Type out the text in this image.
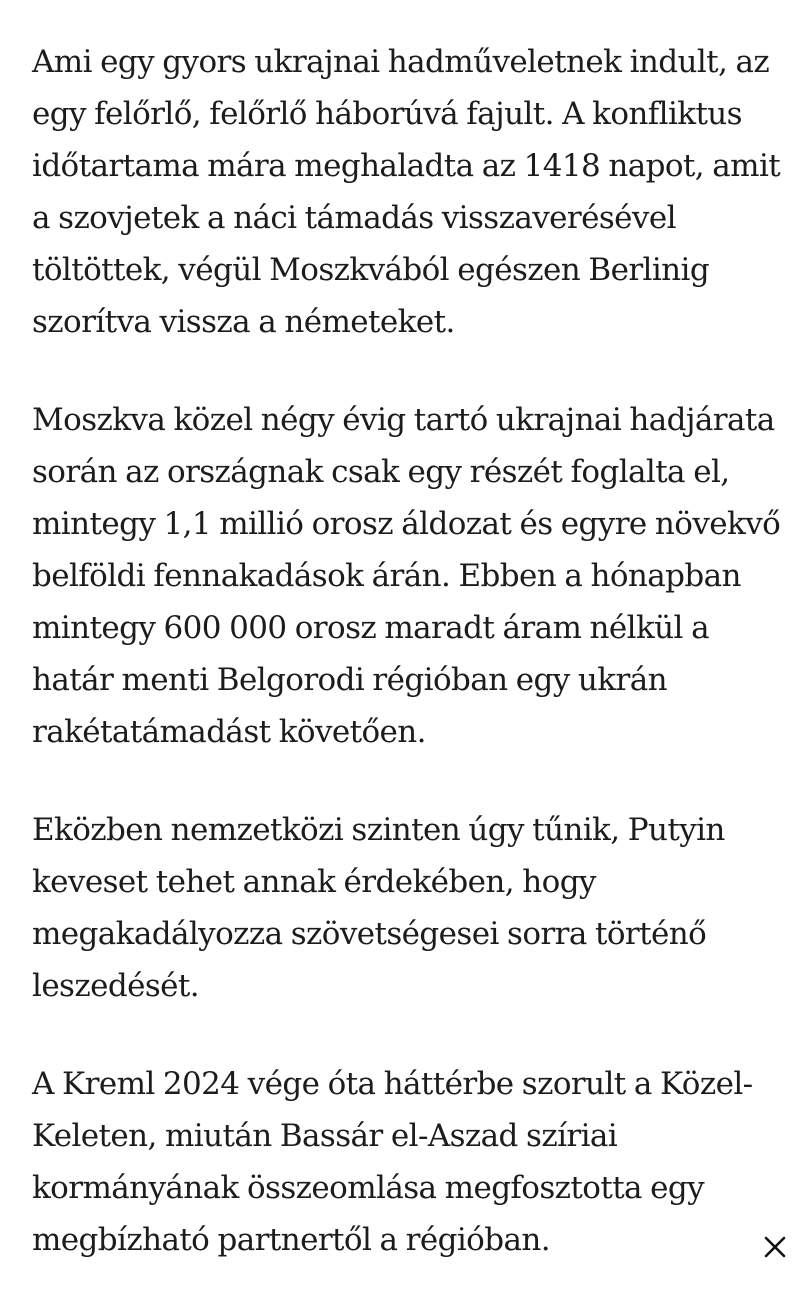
Ami egy gyors ukrajnai hadműveletnek indult, az
egy felőrlő, felőrlő háborúvá fajult. A konfliktus
időtartama mára meghaladta az 1418 napot, amit
a szovjetek a náci támadás visszaverésével
töltöttek, végül Moszkvából egészen Berlinig
szorítva vissza a németeket.

Moszkva közel négy évig tartó ukrajnai hadjárata
során az országnak csak egy részét foglalta el,
mintegy 1,1 millió orosz áldozat és egyre növekvő
belföldi fennakadások árán. Ebben a hónapban
mintegy 600 000 orosz maradt áram nélkül a
határ menti Belgorodi régióban egy ukrán
rakétatámadást követően.

Eközben nemzetközi szinten úgy tűnik, Putyin
keveset tehet annak érdekében, hogy
megakadályozza szövetségesei sorra történő
leszedését.

A Kreml 2024 vége óta háttérbe szorult a Közel-
Keleten, miután Bassár el-Aszad szíriai
kormányának összeomlása megfosztotta egy
megbízható partnertől a régióban.
